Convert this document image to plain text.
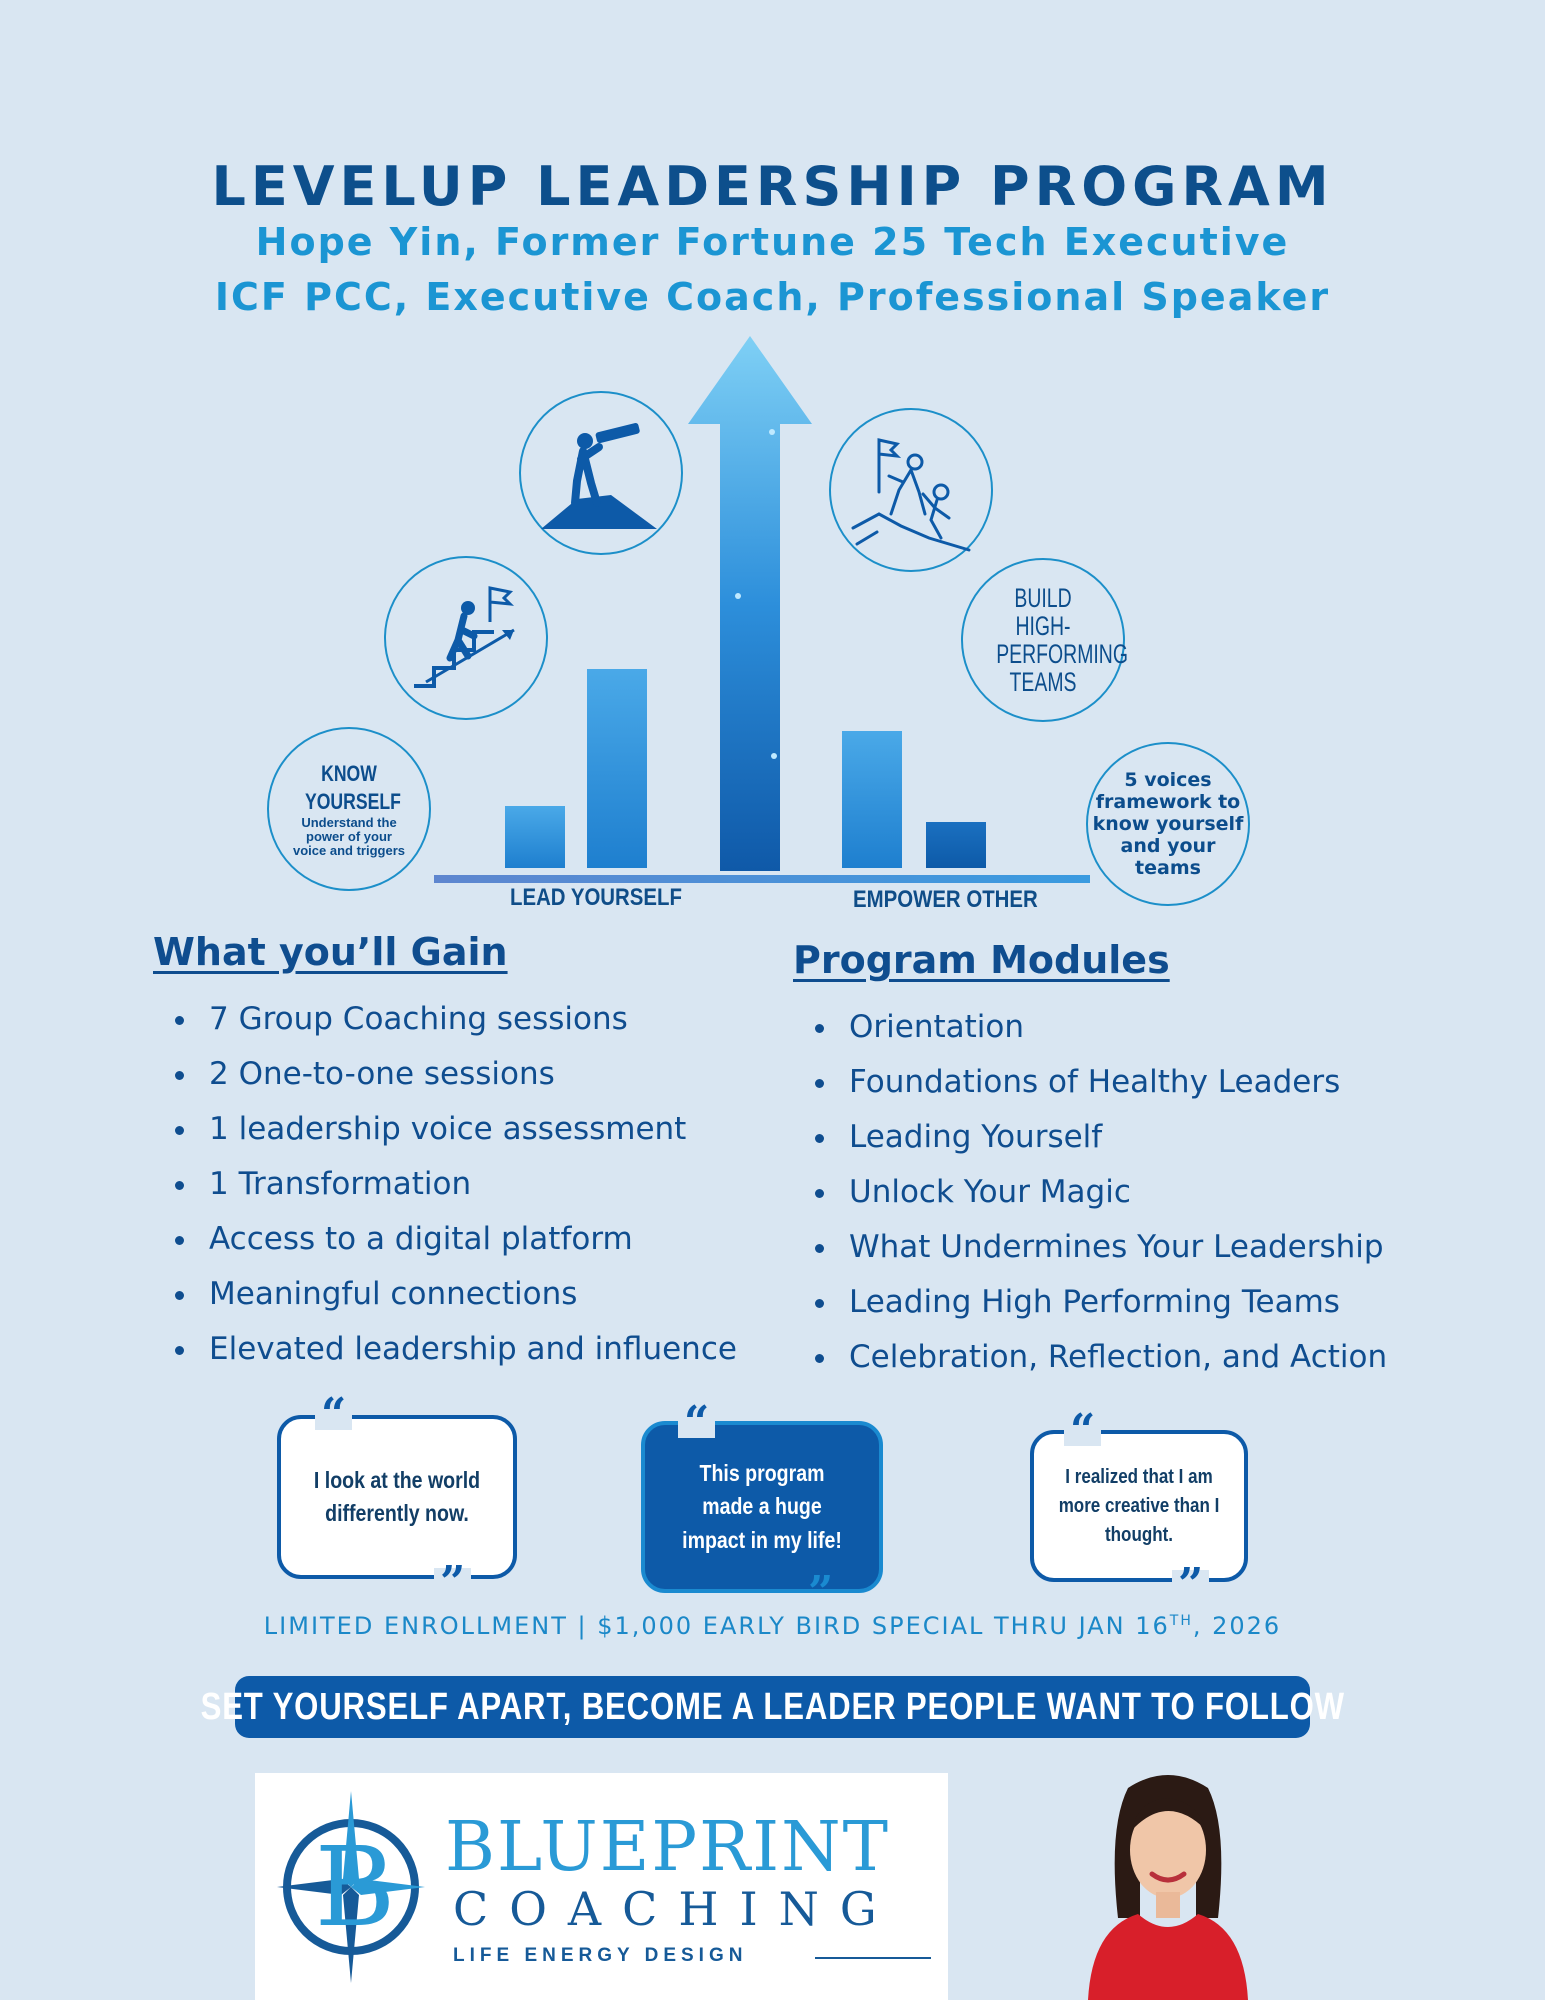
LEVELUP LEADERSHIP PROGRAM
Hope Yin, Former Fortune 25 Tech Executive
ICF PCC, Executive Coach, Professional Speaker
LEAD YOURSELF	EMPOWER OTHER
KNOW YOURSELF
Understand the power of your voice and triggers
BUILD HIGH-PERFORMING TEAMS
5 voices framework to know yourself and your teams
What you’ll Gain
7 Group Coaching sessions
2 One-to-one sessions
1 leadership voice assessment
1 Transformation
Access to a digital platform
Meaningful connections
Elevated leadership and influence
Program Modules
Orientation
Foundations of Healthy Leaders
Leading Yourself
Unlock Your Magic
What Undermines Your Leadership
Leading High Performing Teams
Celebration, Reflection, and Action
I look at the world differently now.
“
”
This program made a huge impact in my life!
“
”
I realized that I am more creative than I thought.
“
”
LIMITED ENROLLMENT | $1,000 EARLY BIRD SPECIAL THRU JAN 16TH, 2026
SET YOURSELF APART, BECOME A LEADER PEOPLE WANT TO FOLLOW
B BLUEPRINT
COACHING
LIFE ENERGY DESIGN
